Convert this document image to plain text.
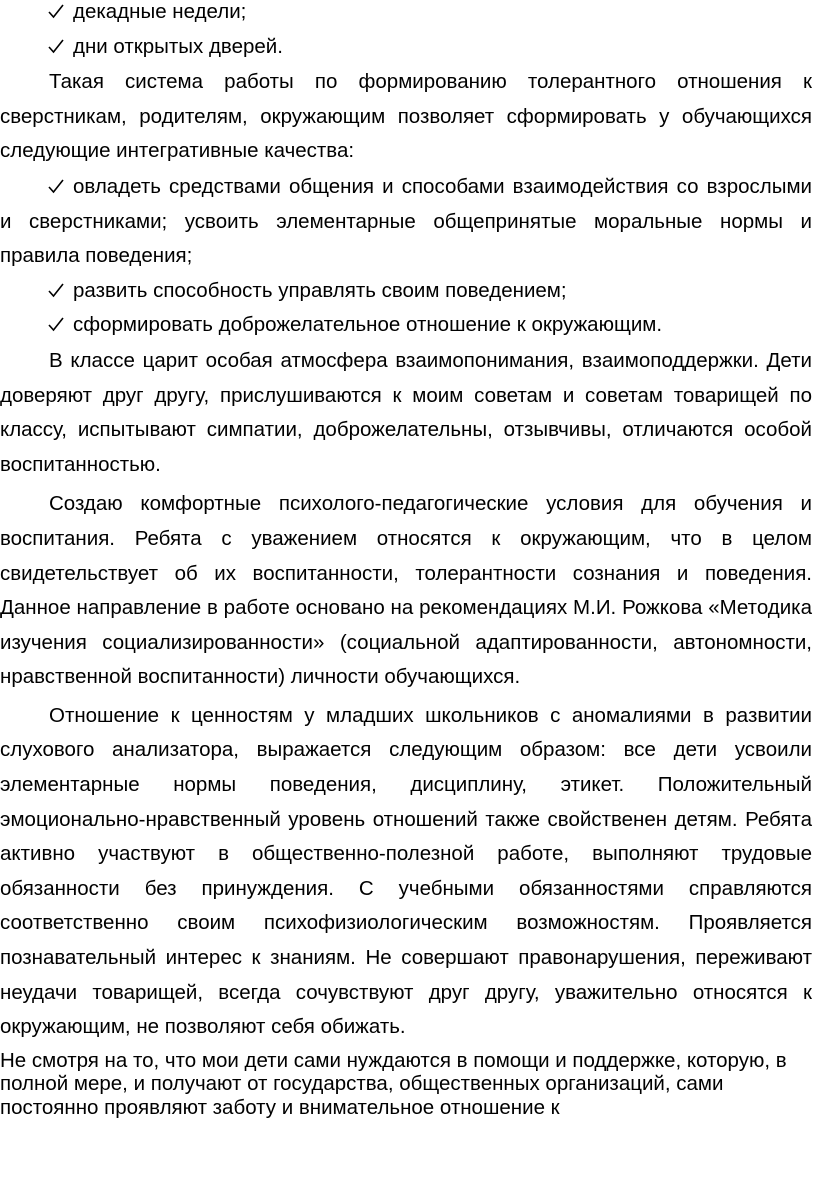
декадные недели;
дни открытых дверей.

Такая система работы по формированию толерантного отношения к сверстникам, родителям, окружающим позволяет сформировать у обучающихся следующие интегративные качества:

овладеть средствами общения и способами взаимодействия со взрослыми и сверстниками; усвоить элементарные общепринятые моральные нормы и правила поведения;
развить способность управлять своим поведением;
сформировать доброжелательное отношение к окружающим.

В классе царит особая атмосфера взаимопонимания, взаимоподдержки. Дети доверяют друг другу, прислушиваются к моим советам и советам товарищей по классу, испытывают симпатии, доброжелательны, отзывчивы, отличаются особой воспитанностью.

Создаю комфортные психолого-педагогические условия для обучения и воспитания. Ребята с уважением относятся к окружающим, что в целом свидетельствует об их воспитанности, толерантности сознания и поведения. Данное направление в работе основано на рекомендациях М.И. Рожкова «Методика изучения социализированности» (социальной адаптированности, автономности, нравственной воспитанности) личности обучающихся.

Отношение к ценностям у младших школьников с аномалиями в развитии слухового анализатора, выражается следующим образом: все дети усвоили элементарные нормы поведения, дисциплину, этикет. Положительный эмоционально-нравственный уровень отношений также свойственен детям. Ребята активно участвуют в общественно-полезной работе, выполняют трудовые обязанности без принуждения. С учебными обязанностями справляются соответственно своим психофизиологическим возможностям. Проявляется познавательный интерес к знаниям. Не совершают правонарушения, переживают неудачи товарищей, всегда сочувствуют друг другу, уважительно относятся к окружающим, не позволяют себя обижать.

Не смотря на то, что мои дети сами нуждаются в помощи и поддержке, которую, в полной мере, и получают от государства, общественных организаций, сами постоянно проявляют заботу и внимательное отношение к
